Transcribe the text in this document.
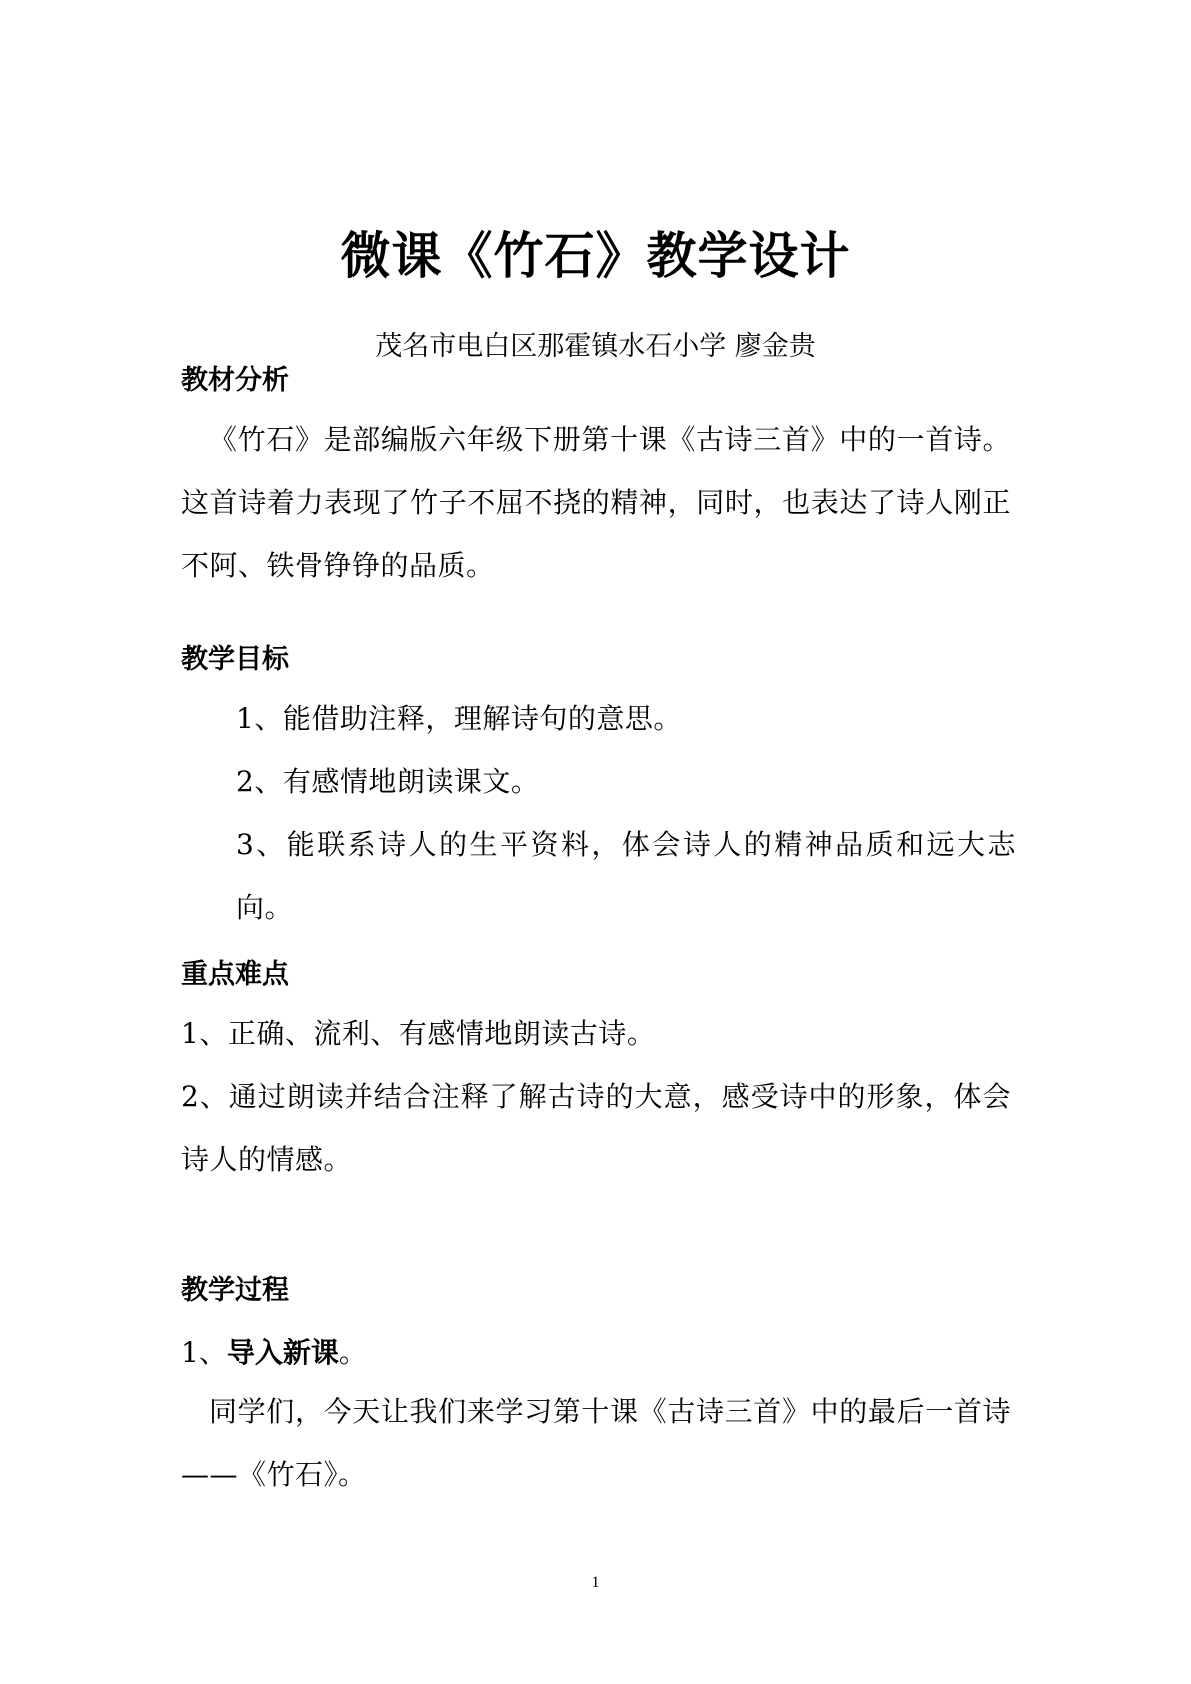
微课《竹石》教学设计
茂名市电白区那霍镇水石小学 廖金贵
教材分析
《竹石》是部编版六年级下册第十课《古诗三首》中的一首诗。这首诗着力表现了竹子不屈不挠的精神，同时，也表达了诗人刚正不阿、铁骨铮铮的品质。
教学目标
1、能借助注释，理解诗句的意思。
2、有感情地朗读课文。
3、能联系诗人的生平资料，体会诗人的精神品质和远大志向。
重点难点
1、正确、流利、有感情地朗读古诗。
2、通过朗读并结合注释了解古诗的大意，感受诗中的形象，体会诗人的情感。
教学过程
1、导入新课。
同学们，今天让我们来学习第十课《古诗三首》中的最后一首诗——《竹石》。
1
